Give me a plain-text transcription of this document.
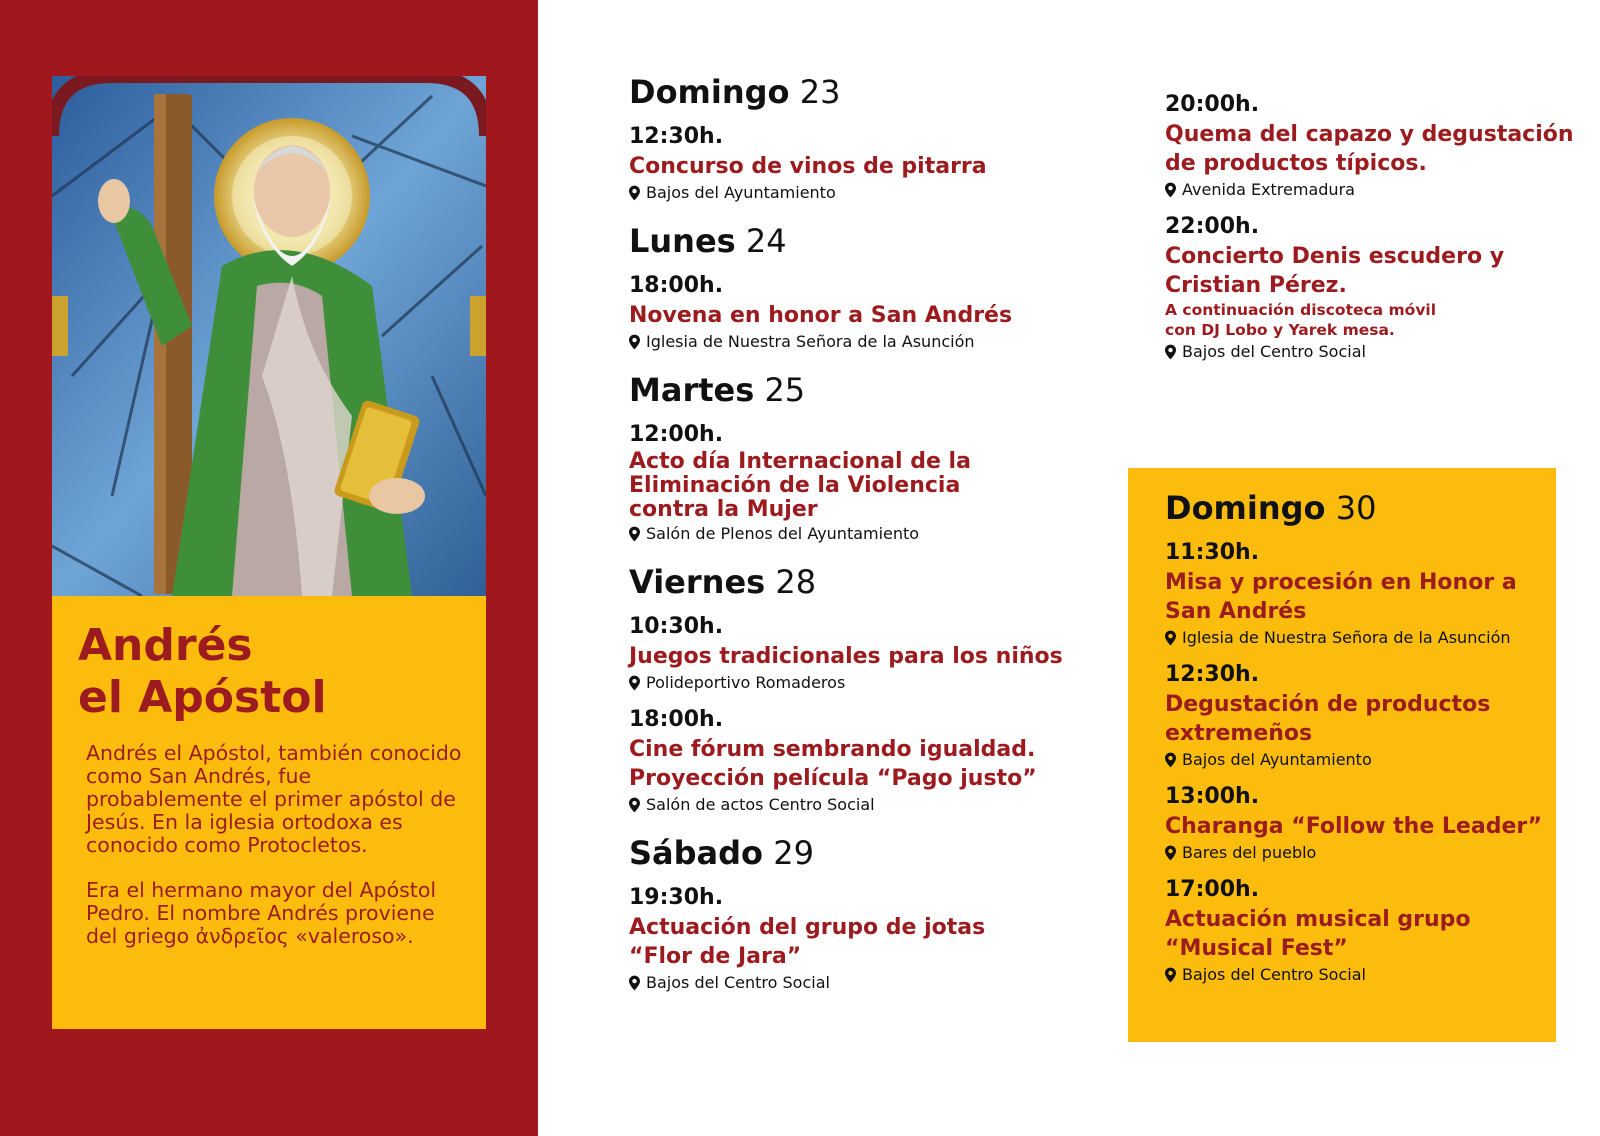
Andrés
el Apóstol

Andrés el Apóstol, también conocido como San Andrés, fue probablemente el primer apóstol de Jesús. En la iglesia ortodoxa es conocido como Protocletos.

Era el hermano mayor del Apóstol Pedro. El nombre Andrés proviene del griego ἀνδρεῖος «valeroso».

Domingo 23
12:30h.
Concurso de vinos de pitarra
Bajos del Ayuntamiento
Lunes 24
18:00h.
Novena en honor a San Andrés
Iglesia de Nuestra Señora de la Asunción
Martes 25
12:00h.
Acto día Internacional de la Eliminación de la Violencia contra la Mujer
Salón de Plenos del Ayuntamiento
Viernes 28
10:30h.
Juegos tradicionales para los niños
Polideportivo Romaderos
18:00h.
Cine fórum sembrando igualdad. Proyección película “Pago justo”
Salón de actos Centro Social
Sábado 29
19:30h.
Actuación del grupo de jotas “Flor de Jara”
Bajos del Centro Social
20:00h.
Quema del capazo y degustación de productos típicos.
Avenida Extremadura
22:00h.
Concierto Denis escudero y Cristian Pérez.
A continuación discoteca móvil con DJ Lobo y Yarek mesa.
Bajos del Centro Social
Domingo 30
11:30h.
Misa y procesión en Honor a San Andrés
Iglesia de Nuestra Señora de la Asunción
12:30h.
Degustación de productos extremeños
Bajos del Ayuntamiento
13:00h.
Charanga “Follow the Leader”
Bares del pueblo
17:00h.
Actuación musical grupo “Musical Fest”
Bajos del Centro Social
